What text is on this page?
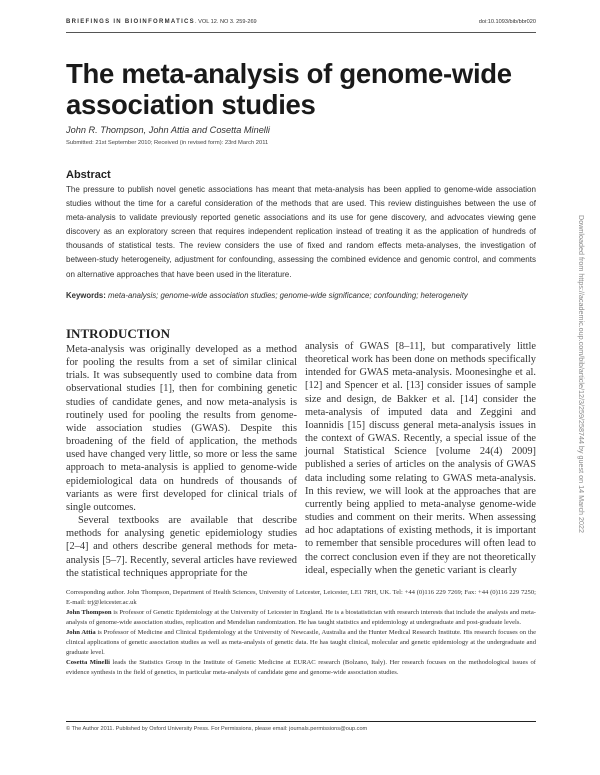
BRIEFINGS IN BIOINFORMATICS. VOL 12. NO 3. 259-269	doi:10.1093/bib/bbr020
The meta-analysis of genome-wide association studies
John R. Thompson, John Attia and Cosetta Minelli
Submitted: 21st September 2010; Received (in revised form): 23rd March 2011
Abstract

The pressure to publish novel genetic associations has meant that meta-analysis has been applied to genome-wide association studies without the time for a careful consideration of the methods that are used. This review distinguishes between the use of meta-analysis to validate previously reported genetic associations and its use for gene discovery, and advocates viewing gene discovery as an exploratory screen that requires independent replication instead of treating it as the application of hundreds of thousands of statistical tests. The review considers the use of fixed and random effects meta-analyses, the investigation of between-study heterogeneity, adjustment for confounding, assessing the combined evidence and genomic control, and comments on alternative approaches that have been used in the literature.

Keywords: meta-analysis; genome-wide association studies; genome-wide significance; confounding; heterogeneity
INTRODUCTION

Meta-analysis was originally developed as a method for pooling the results from a set of similar clinical trials. It was subsequently used to combine data from observational studies [1], then for combining genetic studies of candidate genes, and now meta-analysis is routinely used for pooling the results from genome-wide association studies (GWAS). Despite this broadening of the field of application, the methods used have changed very little, so more or less the same approach to meta-analysis is applied to genome-wide epidemiological data on hundreds of thousands of variants as were first developed for clinical trials of single outcomes.

Several textbooks are available that describe methods for analysing genetic epidemiology studies [2–4] and others describe general methods for meta-analysis [5–7]. Recently, several articles have reviewed the statistical techniques appropriate for the

analysis of GWAS [8–11], but comparatively little theoretical work has been done on methods specifically intended for GWAS meta-analysis. Moonesinghe et al. [12] and Spencer et al. [13] consider issues of sample size and design, de Bakker et al. [14] consider the meta-analysis of imputed data and Zeggini and Ioannidis [15] discuss general meta-analysis issues in the context of GWAS. Recently, a special issue of the journal Statistical Science [volume 24(4) 2009] published a series of articles on the analysis of GWAS data including some relating to GWAS meta-analysis. In this review, we will look at the approaches that are currently being applied to meta-analyse genome-wide studies and comment on their merits. When assessing ad hoc adaptations of existing methods, it is important to remember that sensible procedures will often lead to the correct conclusion even if they are not theoretically ideal, especially when the genetic variant is clearly

Corresponding author. John Thompson, Department of Health Sciences, University of Leicester, Leicester, LE1 7RH, UK. Tel: +44 (0)116 229 7269; Fax: +44 (0)116 229 7250; E-mail: trj@leicester.ac.uk
John Thompson is Professor of Genetic Epidemiology at the University of Leicester in England. He is a biostatistician with research interests that include the analysis and meta-analysis of genome-wide association studies, replication and Mendelian randomization. He has taught statistics and epidemiology at undergraduate and post-graduate levels.
John Attia is Professor of Medicine and Clinical Epidemiology at the University of Newcastle, Australia and the Hunter Medical Research Institute. His research focuses on the clinical applications of genetic association studies as well as meta-analysis of genetic data. He has taught clinical, molecular and genetic epidemiology at the undergraduate and graduate level.
Cosetta Minelli leads the Statistics Group in the Institute of Genetic Medicine at EURAC research (Bolzano, Italy). Her research focuses on the methodological issues of evidence synthesis in the field of genetics, in particular meta-analysis of candidate gene and genome-wide association studies.
© The Author 2011. Published by Oxford University Press. For Permissions, please email: journals.permissions@oup.com
Downloaded from https://academic.oup.com/bib/article/12/3/259/258744 by guest on 14 March 2022
